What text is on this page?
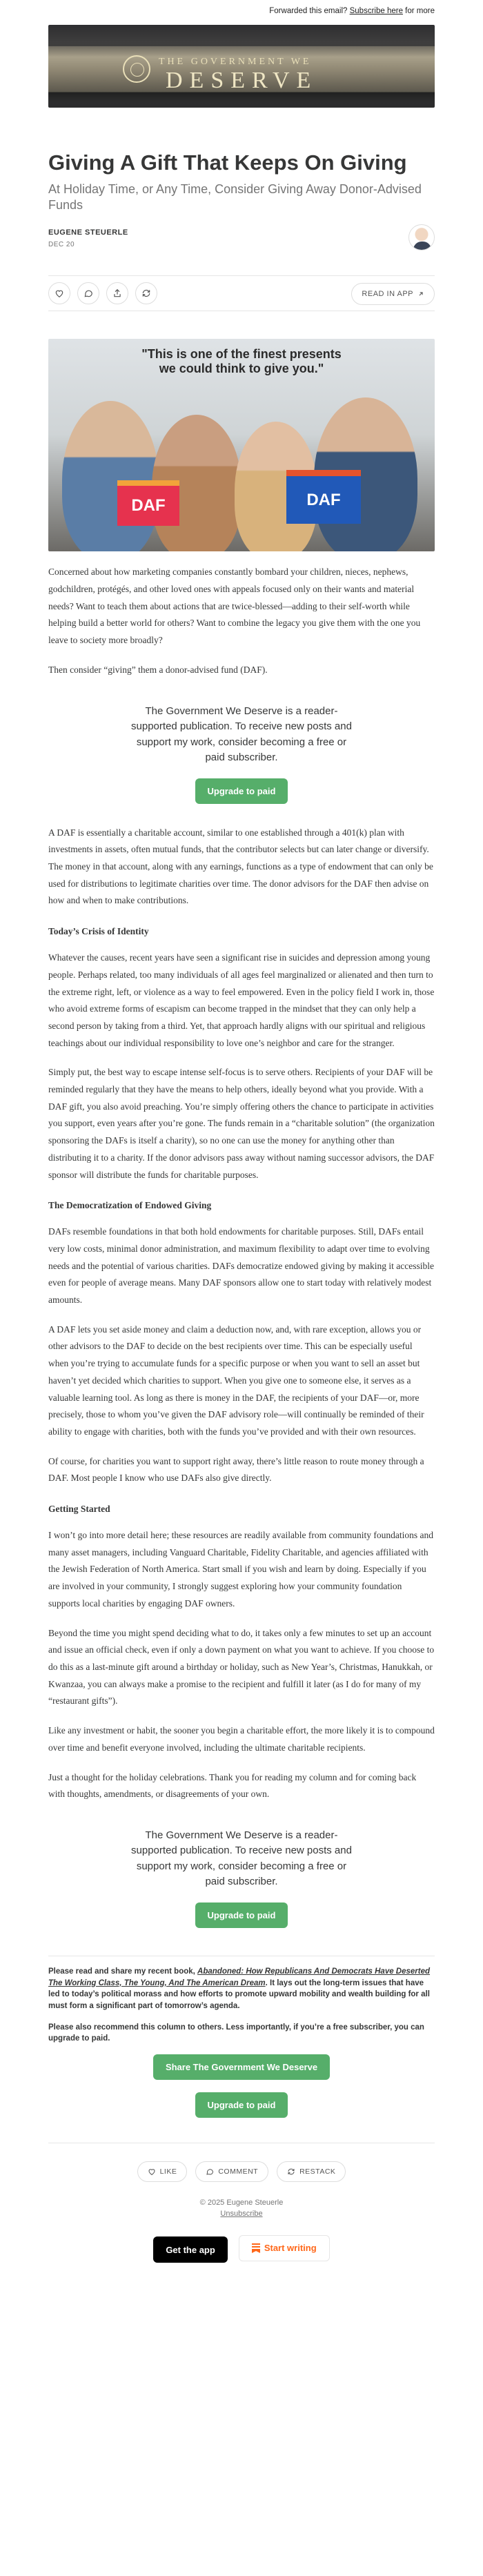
Forwarded this email? Subscribe here for more
THE GOVERNMENT WE
DESERVE
Giving A Gift That Keeps On Giving
At Holiday Time, or Any Time, Consider Giving Away Donor-Advised Funds
EUGENE STEUERLE
DEC 20
READ IN APP
"This is one of the finest presents
we could think to give you."
DAF	DAF

Concerned about how marketing companies constantly bombard your children, nieces, nephews, godchildren, protégés, and other loved ones with appeals focused only on their wants and material needs? Want to teach them about actions that are twice-blessed—adding to their self-worth while helping build a better world for others? Want to combine the legacy you give them with the one you leave to society more broadly?

Then consider “giving” them a donor-advised fund (DAF).

The Government We Deserve is a reader-supported publication. To receive new posts and support my work, consider becoming a free or paid subscriber.

Upgrade to paid

A DAF is essentially a charitable account, similar to one established through a 401(k) plan with investments in assets, often mutual funds, that the contributor selects but can later change or diversify. The money in that account, along with any earnings, functions as a type of endowment that can only be used for distributions to legitimate charities over time. The donor advisors for the DAF then advise on how and when to make contributions.

Today’s Crisis of Identity

Whatever the causes, recent years have seen a significant rise in suicides and depression among young people. Perhaps related, too many individuals of all ages feel marginalized or alienated and then turn to the extreme right, left, or violence as a way to feel empowered. Even in the policy field I work in, those who avoid extreme forms of escapism can become trapped in the mindset that they can only help a second person by taking from a third. Yet, that approach hardly aligns with our spiritual and religious teachings about our individual responsibility to love one’s neighbor and care for the stranger.

Simply put, the best way to escape intense self-focus is to serve others. Recipients of your DAF will be reminded regularly that they have the means to help others, ideally beyond what you provide. With a DAF gift, you also avoid preaching. You’re simply offering others the chance to participate in activities you support, even years after you’re gone. The funds remain in a “charitable solution” (the organization sponsoring the DAFs is itself a charity), so no one can use the money for anything other than distributing it to a charity. If the donor advisors pass away without naming successor advisors, the DAF sponsor will distribute the funds for charitable purposes.

The Democratization of Endowed Giving

DAFs resemble foundations in that both hold endowments for charitable purposes. Still, DAFs entail very low costs, minimal donor administration, and maximum flexibility to adapt over time to evolving needs and the potential of various charities. DAFs democratize endowed giving by making it accessible even for people of average means. Many DAF sponsors allow one to start today with relatively modest amounts.

A DAF lets you set aside money and claim a deduction now, and, with rare exception, allows you or other advisors to the DAF to decide on the best recipients over time. This can be especially useful when you’re trying to accumulate funds for a specific purpose or when you want to sell an asset but haven’t yet decided which charities to support. When you give one to someone else, it serves as a valuable learning tool. As long as there is money in the DAF, the recipients of your DAF—or, more precisely, those to whom you’ve given the DAF advisory role—will continually be reminded of their ability to engage with charities, both with the funds you’ve provided and with their own resources.

Of course, for charities you want to support right away, there’s little reason to route money through a DAF. Most people I know who use DAFs also give directly.

Getting Started

I won’t go into more detail here; these resources are readily available from community foundations and many asset managers, including Vanguard Charitable, Fidelity Charitable, and agencies affiliated with the Jewish Federation of North America. Start small if you wish and learn by doing. Especially if you are involved in your community, I strongly suggest exploring how your community foundation supports local charities by engaging DAF owners.

Beyond the time you might spend deciding what to do, it takes only a few minutes to set up an account and issue an official check, even if only a down payment on what you want to achieve. If you choose to do this as a last-minute gift around a birthday or holiday, such as New Year’s, Christmas, Hanukkah, or Kwanzaa, you can always make a promise to the recipient and fulfill it later (as I do for many of my “restaurant gifts”).

Like any investment or habit, the sooner you begin a charitable effort, the more likely it is to compound over time and benefit everyone involved, including the ultimate charitable recipients.

Just a thought for the holiday celebrations. Thank you for reading my column and for coming back with thoughts, amendments, or disagreements of your own.

The Government We Deserve is a reader-supported publication. To receive new posts and support my work, consider becoming a free or paid subscriber.

Upgrade to paid

Please read and share my recent book, Abandoned: How Republicans And Democrats Have Deserted The Working Class, The Young, And The American Dream. It lays out the long-term issues that have led to today’s political morass and how efforts to promote upward mobility and wealth building for all must form a significant part of tomorrow’s agenda.

Please also recommend this column to others. Less importantly, if you’re a free subscriber, you can upgrade to paid.

Share The Government We Deserve
Upgrade to paid
LIKE
	COMMENT
	RESTACK
© 2025 Eugene Steuerle
Unsubscribe
Get the app
	Start writing
